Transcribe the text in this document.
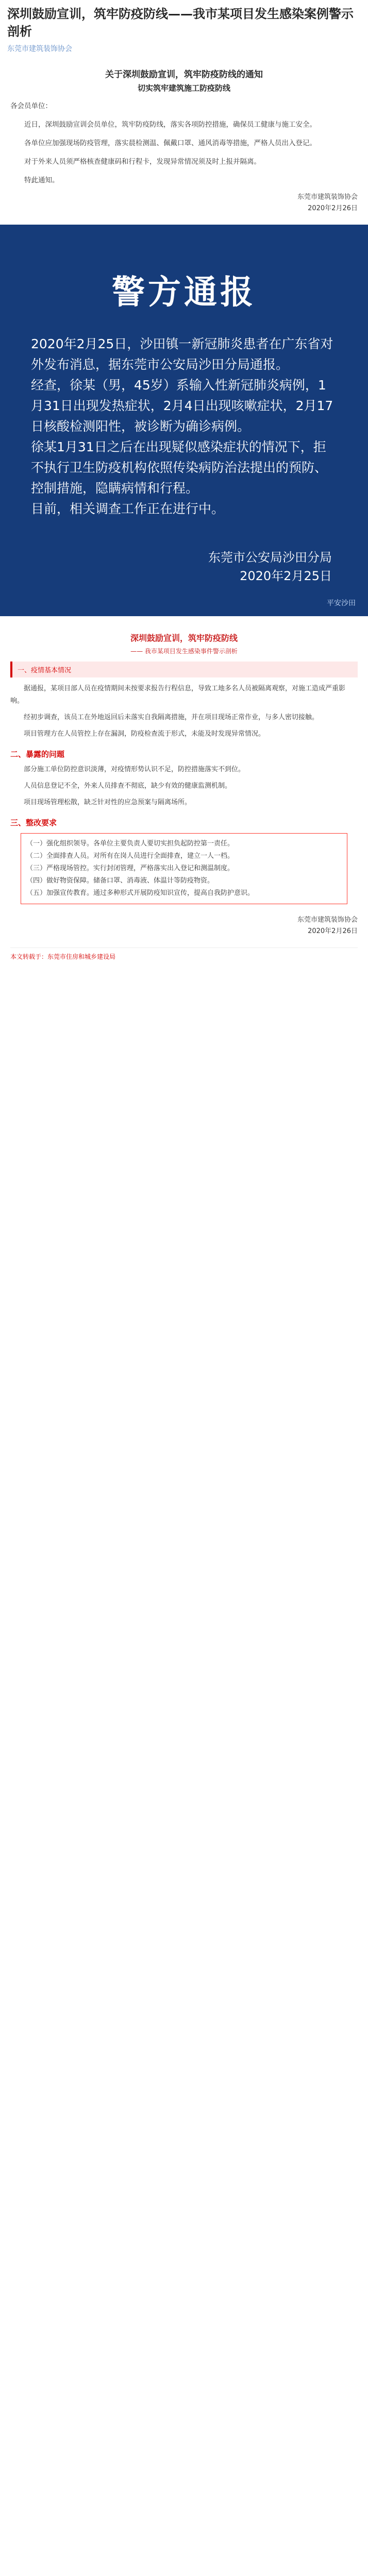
深圳鼓励宣训，筑牢防疫防线——我市某项目发生感染案例警示剖析
东莞市建筑装饰协会
关于深圳鼓励宣训，筑牢防疫防线的通知
切实筑牢建筑施工防疫防线
各会员单位：
近日，深圳鼓励宣训会员单位，筑牢防疫防线，落实各项防控措施，确保员工健康与施工安全。
各单位应加强现场防疫管理，落实晨检测温、佩戴口罩、通风消毒等措施，严格人员出入登记。
对于外来人员须严格核查健康码和行程卡，发现异常情况须及时上报并隔离。
特此通知。
东莞市建筑装饰协会
2020年2月26日
警方通报
2020年2月25日，沙田镇一新冠肺炎患者在广东省对外发布消息，据东莞市公安局沙田分局通报。
经查，徐某（男，45岁）系输入性新冠肺炎病例，1月31日出现发热症状，2月4日出现咳嗽症状，2月17日核酸检测阳性，被诊断为确诊病例。
徐某1月31日之后在出现疑似感染症状的情况下，拒不执行卫生防疫机构依照传染病防治法提出的预防、控制措施，隐瞒病情和行程。
目前，相关调查工作正在进行中。
东莞市公安局沙田分局
2020年2月25日
平安沙田
深圳鼓励宣训，筑牢防疫防线
—— 我市某项目发生感染事件警示剖析
一、疫情基本情况
据通报，某项目部人员在疫情期间未按要求报告行程信息，导致工地多名人员被隔离观察，对施工造成严重影响。
经初步调查，该员工在外地返回后未落实自我隔离措施，并在项目现场正常作业，与多人密切接触。
项目管理方在人员管控上存在漏洞，防疫检查流于形式，未能及时发现异常情况。
二、暴露的问题
部分施工单位防控意识淡薄，对疫情形势认识不足，防控措施落实不到位。
人员信息登记不全，外来人员排查不彻底，缺少有效的健康监测机制。
项目现场管理松散，缺乏针对性的应急预案与隔离场所。
三、整改要求
（一）强化组织领导。各单位主要负责人要切实担负起防控第一责任。
（二）全面排查人员。对所有在岗人员进行全面排查，建立一人一档。
（三）严格现场管控。实行封闭管理，严格落实出入登记和测温制度。
（四）做好物资保障。储备口罩、消毒液、体温计等防疫物资。
（五）加强宣传教育。通过多种形式开展防疫知识宣传，提高自我防护意识。
东莞市建筑装饰协会
2020年2月26日
本文转载于：东莞市住房和城乡建设局
